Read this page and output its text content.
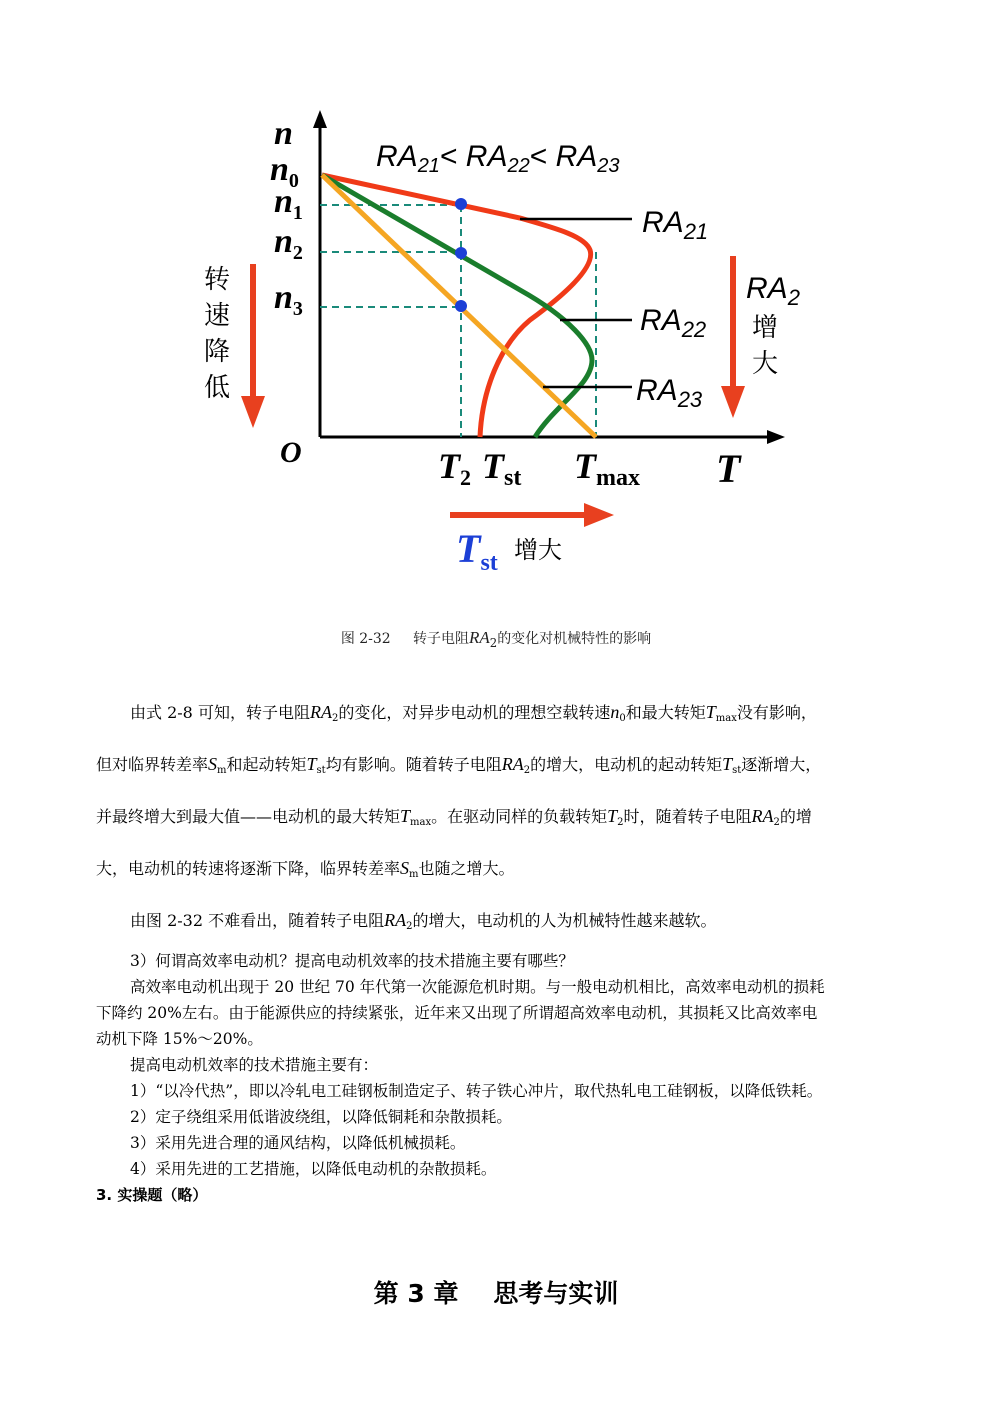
$RA_{21}< RA_{22}< RA_{23}$
n
$n_0$
$n_1$
$n_2$
$n_3$
O	T2 Tst Tmax T
$RA_{21}$
$RA_{22}$
$RA_{23}$
转
速
降
低
$RA_2$
增
大
$T_{st}$ 增大
图 2-32 转子电阻$RA_2$的变化对机械特性的影响
由式 2-8 可知，转子电阻$RA_2$的变化，对异步电动机的理想空载转速$n_0$和最大转矩$T_{max}$没有影响，
但对临界转差率$S_m$和起动转矩$T_{st}$均有影响。随着转子电阻$RA_2$的增大，电动机的起动转矩$T_{st}$逐渐增大，
并最终增大到最大值——电动机的最大转矩$T_{max}$。在驱动同样的负载转矩$T_2$时，随着转子电阻$RA_2$的增
大，电动机的转速将逐渐下降，临界转差率$S_m$也随之增大。
由图 2-32 不难看出，随着转子电阻$RA_2$的增大，电动机的人为机械特性越来越软。
3）何谓高效率电动机？提高电动机效率的技术措施主要有哪些？
高效率电动机出现于 20 世纪 70 年代第一次能源危机时期。与一般电动机相比，高效率电动机的损耗
下降约 20%左右。由于能源供应的持续紧张，近年来又出现了所谓超高效率电动机，其损耗又比高效率电
动机下降 15%～20%。
提高电动机效率的技术措施主要有：
1）“以冷代热”，即以冷轧电工硅钢板制造定子、转子铁心冲片，取代热轧电工硅钢板，以降低铁耗。
2）定子绕组采用低谐波绕组，以降低铜耗和杂散损耗。
3）采用先进合理的通风结构，以降低机械损耗。
4）采用先进的工艺措施，以降低电动机的杂散损耗。
3. 实操题（略）
第 3 章 思考与实训
